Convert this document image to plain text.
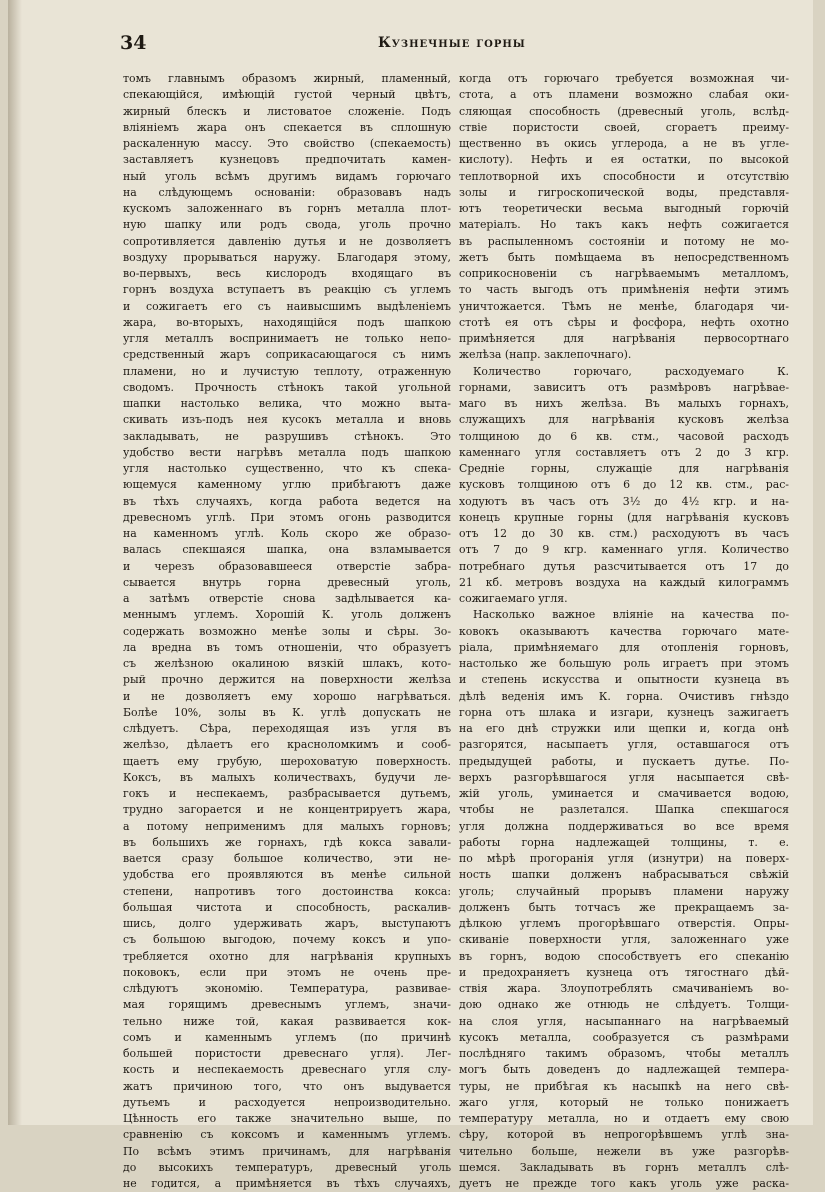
34	Кузнечные горны
томъ главнымъ образомъ жирный, пламенный,
спекающійся, имѣющій густой черный цвѣтъ,
жирный блескъ и листоватое сложеніе. Подъ
вліяніемъ жара онъ спекается въ сплошную
раскаленную массу. Это свойство (спекаемость)
заставляетъ кузнецовъ предпочитать камен-
ный уголь всѣмъ другимъ видамъ горючаго
на слѣдующемъ основаніи: образовавъ надъ
кускомъ заложеннаго въ горнъ металла плот-
ную шапку или родъ свода, уголь прочно
сопротивляется давленію дутья и не дозволяетъ
воздуху прорываться наружу. Благодаря этому,
во-первыхъ, весь кислородъ входящаго въ
горнъ воздуха вступаетъ въ реакцію съ углемъ
и сожигаетъ его съ наивысшимъ выдѣленіемъ
жара, во-вторыхъ, находящійся подъ шапкою
угля металлъ воспринимаетъ не только непо-
средственный жаръ соприкасающагося съ нимъ
пламени, но и лучистую теплоту, отраженную
сводомъ. Прочность стѣнокъ такой угольной
шапки настолько велика, что можно выта-
скивать изъ-подъ нея кусокъ металла и вновь
закладывать, не разрушивъ стѣнокъ. Это
удобство вести нагрѣвъ металла подъ шапкою
угля настолько существенно, что къ спека-
ющемуся каменному углю прибѣгаютъ даже
въ тѣхъ случаяхъ, когда работа ведется на
древесномъ углѣ. При этомъ огонь разводится
на каменномъ углѣ. Коль скоро же образо-
валась спекшаяся шапка, она взламывается
и черезъ образовавшееся отверстіе забра-
сывается внутрь горна древесный уголь,
а затѣмъ отверстіе снова задѣлывается ка-
меннымъ углемъ. Хорошій К. уголь долженъ
содержать возможно менѣе золы и сѣры. Зо-
ла вредна въ томъ отношеніи, что образуетъ
съ желѣзною окалиною вязкій шлакъ, кото-
рый прочно держится на поверхности желѣза
и не дозволяетъ ему хорошо нагрѣваться.
Болѣе 10%, золы въ К. углѣ допускать не
слѣдуетъ. Сѣра, переходящая изъ угля въ
желѣзо, дѣлаетъ его красноломкимъ и сооб-
щаетъ ему грубую, шероховатую поверхность.
Коксъ, въ малыхъ количествахъ, будучи ле-
гокъ и неспекаемъ, разбрасывается дутьемъ,
трудно загорается и не концентрируетъ жара,
а потому неприменимъ для малыхъ горновъ;
въ большихъ же горнахъ, гдѣ кокса завали-
вается сразу большое количество, эти не-
удобства его проявляются въ менѣе сильной
степени, напротивъ того достоинства кокса:
большая чистота и способность, раскалив-
шись, долго удерживать жаръ, выступаютъ
съ большою выгодою, почему коксъ и упо-
требляется охотно для нагрѣванія крупныхъ
поковокъ, если при этомъ не очень пре-
слѣдуютъ экономію. Температура, развивае-
мая горящимъ древеснымъ углемъ, значи-
тельно ниже той, какая развивается кок-
сомъ и каменнымъ углемъ (по причинѣ
большей пористости древеснаго угля). Лег-
кость и неспекаемость древеснаго угля слу-
жатъ причиною того, что онъ выдувается
дутьемъ и расходуется непроизводительно.
Цѣнность его также значительно выше, по
сравненію съ коксомъ и каменнымъ углемъ.
По всѣмъ этимъ причинамъ, для нагрѣванія
до высокихъ температуръ, древесный уголь
не годится, а примѣняется въ тѣхъ случаяхъ,
когда отъ горючаго требуется возможная чи-
стота, а отъ пламени возможно слабая оки-
сляющая способность (древесный уголь, вслѣд-
ствіе пористости своей, сгораетъ преиму-
щественно въ окись углерода, а не въ угле-
кислоту). Нефть и ея остатки, по высокой
теплотворной ихъ способности и отсутствію
золы и гигроскопической воды, представля-
ютъ теоретически весьма выгодный горючій
матеріалъ. Но такъ какъ нефть сожигается
въ распыленномъ состояніи и потому не мо-
жетъ быть помѣщаема въ непосредственномъ
соприкосновеніи съ нагрѣваемымъ металломъ,
то часть выгодъ отъ примѣненія нефти этимъ
уничтожается. Тѣмъ не менѣе, благодаря чи-
стотѣ ея отъ сѣры и фосфора, нефть охотно
примѣняется для нагрѣванія первосортнаго
желѣза (напр. заклепочнаго).
Количество горючаго, расходуемаго К.
горнами, зависитъ отъ размѣровъ нагрѣвае-
маго въ нихъ желѣза. Въ малыхъ горнахъ,
служащихъ для нагрѣванія кусковъ желѣза
толщиною до 6 кв. стм., часовой расходъ
каменнаго угля составляетъ отъ 2 до 3 кгр.
Средніе горны, служащіе для нагрѣванія
кусковъ толщиною отъ 6 до 12 кв. стм., рас-
ходуютъ въ часъ отъ 3½ до 4½ кгр. и на-
конецъ крупные горны (для нагрѣванія кусковъ
отъ 12 до 30 кв. стм.) расходуютъ въ часъ
отъ 7 до 9 кгр. каменнаго угля. Количество
потребнаго дутья разсчитывается отъ 17 до
21 кб. метровъ воздуха на каждый килограммъ
сожигаемаго угля.
Насколько важное вліяніе на качества по-
ковокъ оказываютъ качества горючаго мате-
ріала, примѣняемаго для отопленія горновъ,
настолько же большую роль играетъ при этомъ
и степень искусства и опытности кузнеца въ
дѣлѣ веденія имъ К. горна. Очистивъ гнѣздо
горна отъ шлака и изгари, кузнецъ зажигаетъ
на его днѣ стружки или щепки и, когда онѣ
разгорятся, насыпаетъ угля, оставшагося отъ
предыдущей работы, и пускаетъ дутье. По-
верхъ разгорѣвшагося угля насыпается свѣ-
жій уголь, уминается и смачивается водою,
чтобы не разлетался. Шапка спекшагося
угля должна поддерживаться во все время
работы горна надлежащей толщины, т. е.
по мѣрѣ прогоранія угля (изнутри) на поверх-
ность шапки долженъ набрасываться свѣжій
уголь; случайный прорывъ пламени наружу
долженъ быть тотчасъ же прекращаемъ за-
дѣлкою углемъ прогорѣвшаго отверстія. Опры-
скиваніе поверхности угля, заложеннаго уже
въ горнъ, водою способствуетъ его спеканію
и предохраняетъ кузнеца отъ тягостнаго дѣй-
ствія жара. Злоупотреблять смачиваніемъ во-
дою однако же отнюдь не слѣдуетъ. Толщи-
на слоя угля, насыпаннаго на нагрѣваемый
кусокъ металла, сообразуется съ размѣрами
послѣдняго такимъ образомъ, чтобы металлъ
могъ быть доведенъ до надлежащей темпера-
туры, не прибѣгая къ насыпкѣ на него свѣ-
жаго угля, который не только понижаетъ
температуру металла, но и отдаетъ ему свою
сѣру, которой въ непрогорѣвшемъ углѣ зна-
чительно больше, нежели въ уже разгорѣв-
шемся. Закладывать въ горнъ металлъ слѣ-
дуетъ не прежде того какъ уголь уже раска-
